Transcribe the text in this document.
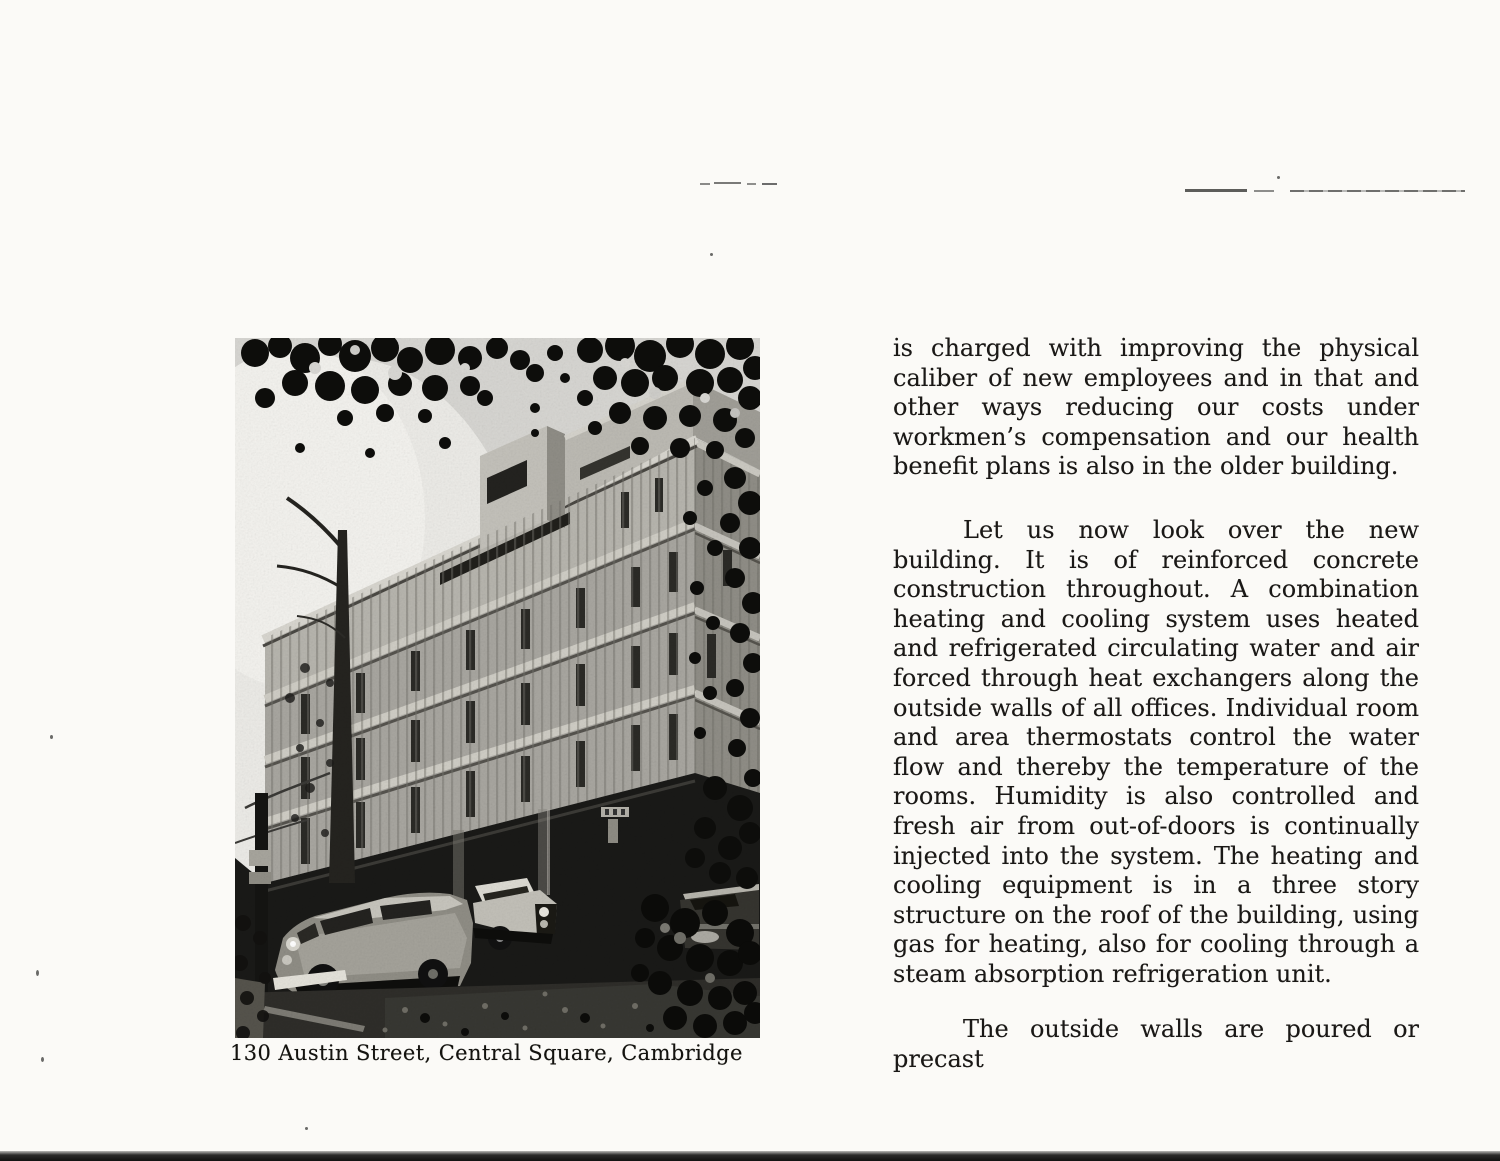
130 Austin Street, Central Square, Cambridge

is charged with improving the physical caliber of new employees and in that and other ways reducing our costs under workmen’s compensation and our health benefit plans is also in the older building.

Let us now look over the new building. It is of reinforced concrete construction throughout. A combination heating and cooling system uses heated and refrigerated circulating water and air forced through heat exchangers along the outside walls of all offices. Individual room and area thermostats control the water flow and thereby the temperature of the rooms. Humidity is also controlled and fresh air from out-of-doors is continually injected into the system. The heating and cooling equipment is in a three story structure on the roof of the building, using gas for heating, also for cooling through a steam absorption refrigeration unit.

The outside walls are poured or precast
